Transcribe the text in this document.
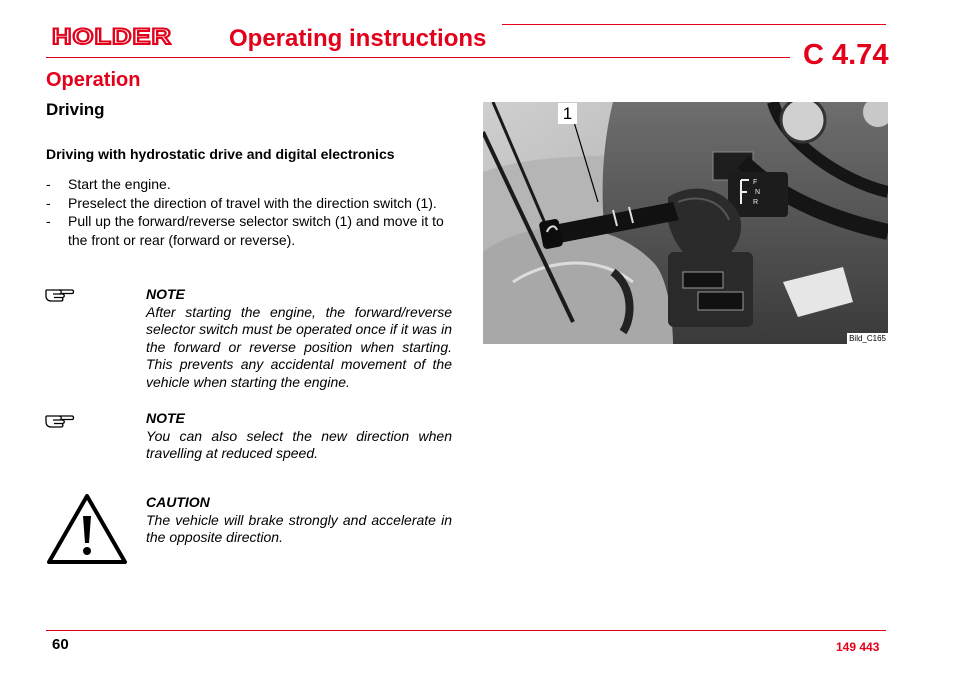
HOLDER Operating instructions
C 4.74
Operation
Driving
Driving with hydrostatic drive and digital electronics
- Start the engine.
- Preselect the direction of travel with the direction switch (1).
- Pull up the forward/reverse selector switch (1) and move it to the front or rear (forward or reverse).
NOTE
After starting the engine, the forward/reverse selector switch must be operated once if it was in the forward or reverse position when starting. This prevents any accidental movement of the vehicle when starting the engine.
NOTE
You can also select the new direction when travelling at reduced speed.
CAUTION
The vehicle will brake strongly and accelerate in the opposite direction.
F
N
R
1
Bild_C165
60	149 443
